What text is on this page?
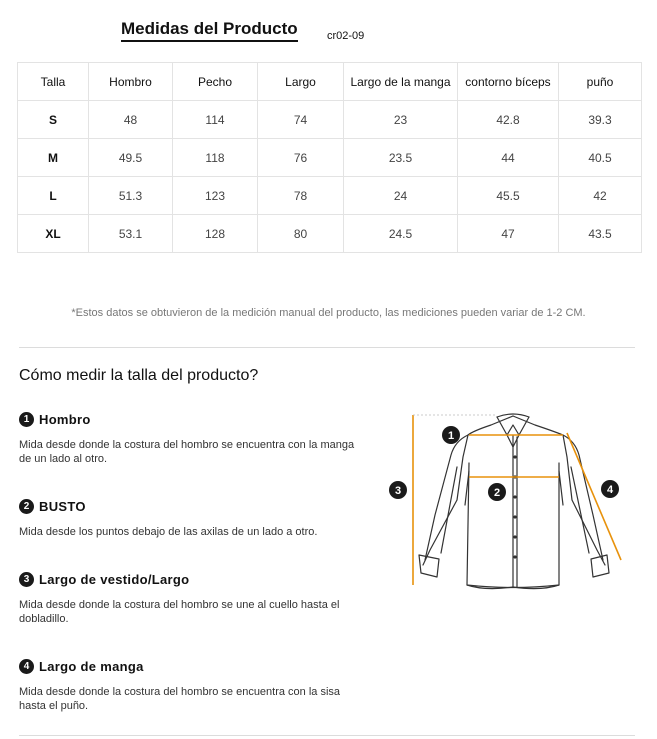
Medidas del Producto	cr02-09
Talla	Hombro	Pecho	Largo	Largo de la manga	contorno bíceps	puño
S	48	114	74	23	42.8	39.3
M	49.5	118	76	23.5	44	40.5
L	51.3	123	78	24	45.5	42
XL	53.1	128	80	24.5	47	43.5
*Estos datos se obtuvieron de la medición manual del producto, las mediciones pueden variar de 1-2 CM.
Cómo medir la talla del producto?
1 Hombro
Mida desde donde la costura del hombro se encuentra con la manga de un lado al otro.
2 BUSTO
Mida desde los puntos debajo de las axilas de un lado a otro.
3 Largo de vestido/Largo
Mida desde donde la costura del hombro se une al cuello hasta el dobladillo.
4 Largo de manga
Mida desde donde la costura del hombro se encuentra con la sisa hasta el puño.
1
2
3	4
